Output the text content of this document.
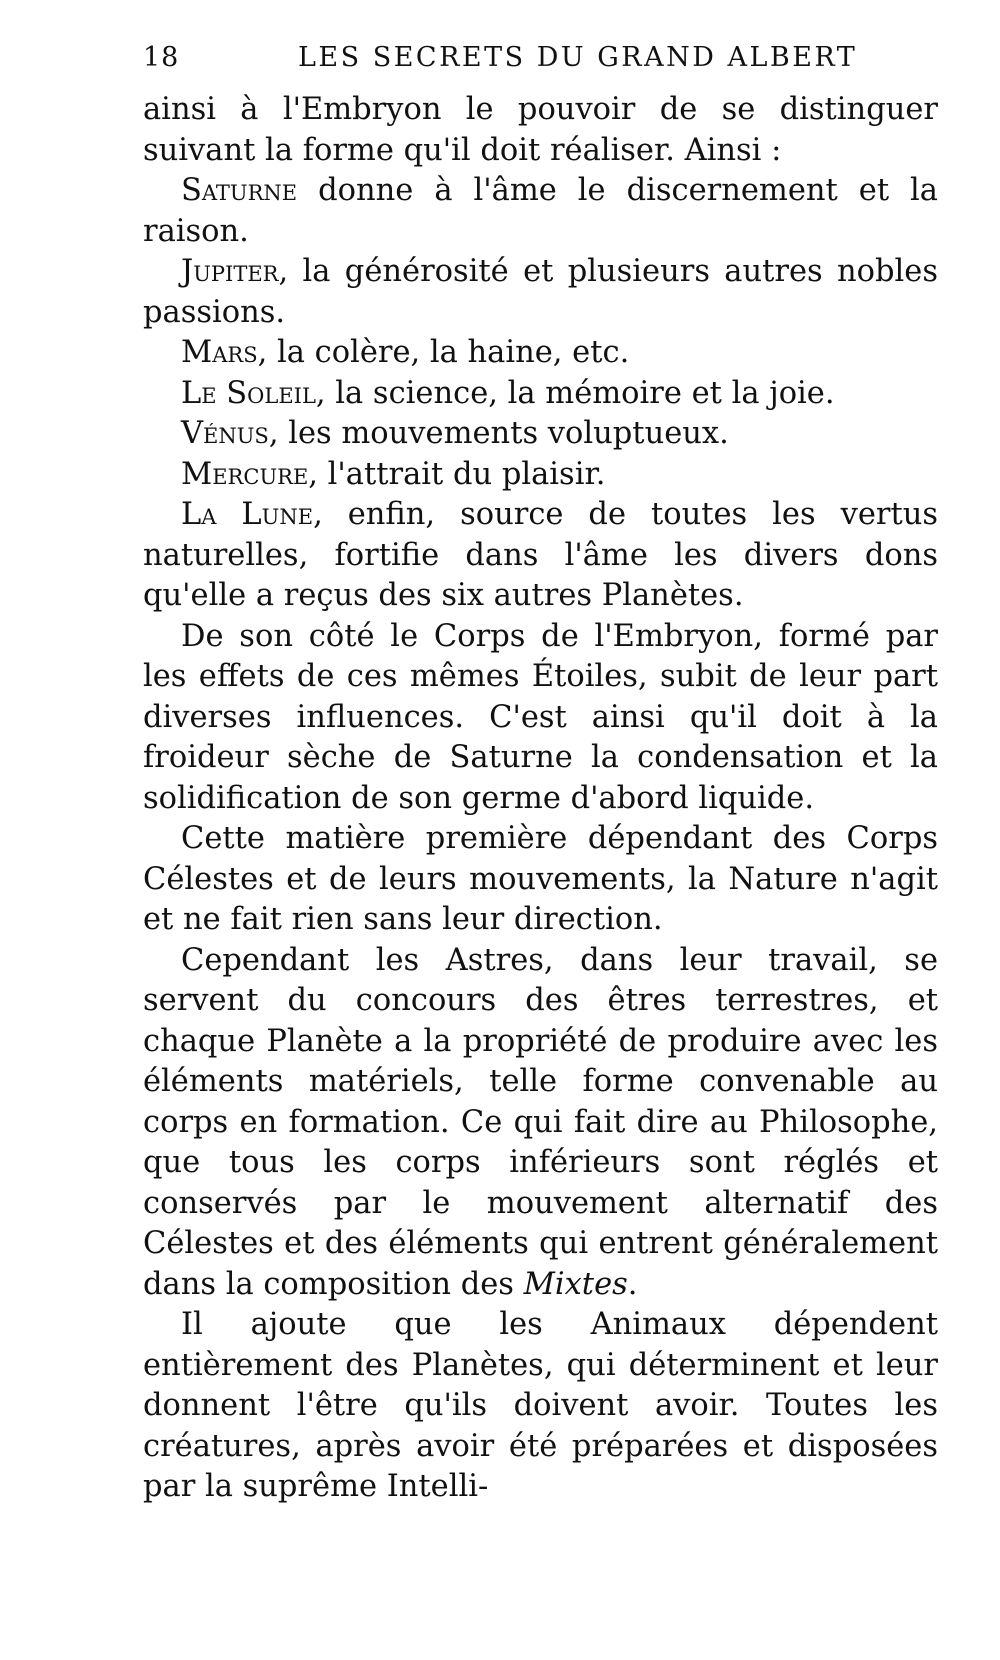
18	LES SECRETS DU GRAND ALBERT

ainsi à l'Embryon le pouvoir de se distinguer suivant la forme qu'il doit réaliser. Ainsi :

Saturne donne à l'âme le discernement et la raison.

Jupiter, la générosité et plusieurs autres nobles passions.

Mars, la colère, la haine, etc.

Le Soleil, la science, la mémoire et la joie.

Vénus, les mouvements voluptueux.

Mercure, l'attrait du plaisir.

La Lune, enfin, source de toutes les vertus naturelles, fortifie dans l'âme les divers dons qu'elle a reçus des six autres Planètes.

De son côté le Corps de l'Embryon, formé par les effets de ces mêmes Étoiles, subit de leur part diverses influences. C'est ainsi qu'il doit à la froideur sèche de Saturne la condensation et la solidification de son germe d'abord liquide.

Cette matière première dépendant des Corps Célestes et de leurs mouvements, la Nature n'agit et ne fait rien sans leur direction.

Cependant les Astres, dans leur travail, se servent du concours des êtres terrestres, et chaque Planète a la propriété de produire avec les éléments matériels, telle forme convenable au corps en formation. Ce qui fait dire au Philosophe, que tous les corps inférieurs sont réglés et conservés par le mouvement alternatif des Célestes et des éléments qui entrent généralement dans la composition des Mixtes.

Il ajoute que les Animaux dépendent entièrement des Planètes, qui déterminent et leur donnent l'être qu'ils doivent avoir. Toutes les créatures, après avoir été préparées et disposées par la suprême Intelli-
